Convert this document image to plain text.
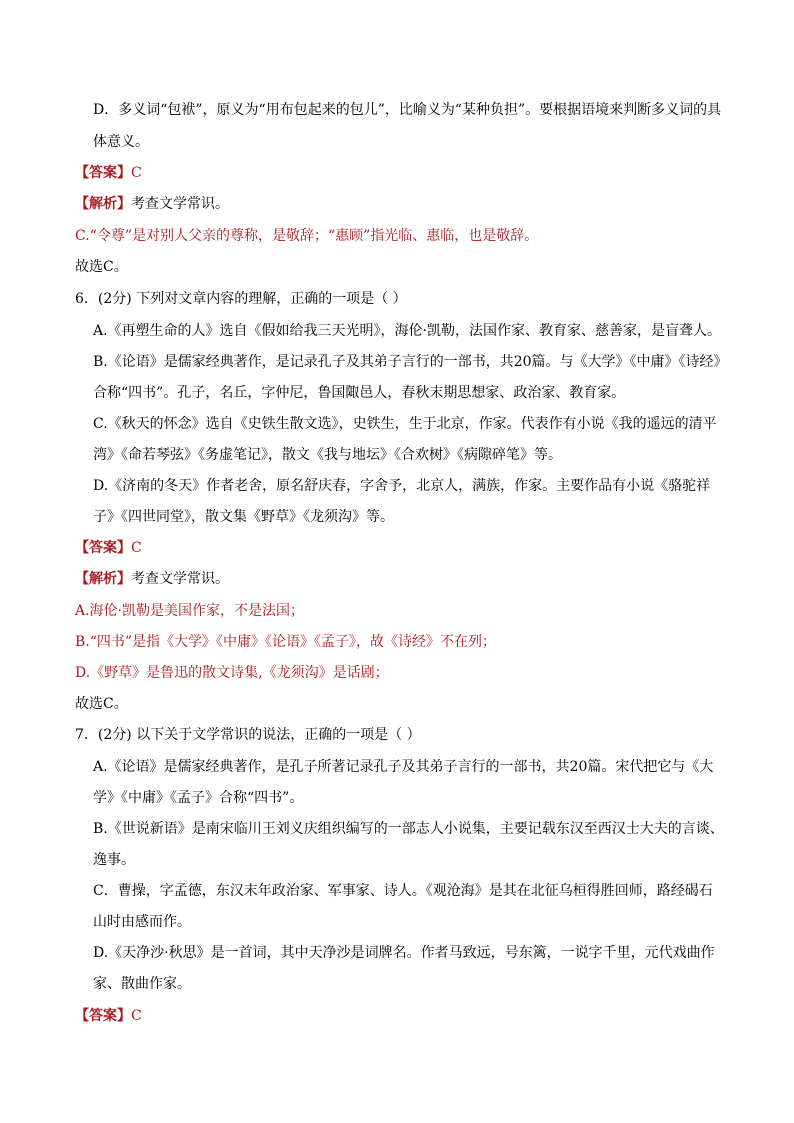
D．多义词“包袱”，原义为“用布包起来的包儿”，比喻义为“某种负担”。要根据语境来判断多义词的具
体意义。
【答案】C
【解析】考查文学常识。
C.“令尊”是对别人父亲的尊称，是敬辞；“惠顾”指光临、惠临，也是敬辞。
故选C。
6．(2分) 下列对文章内容的理解，正确的一项是（ ）
A.《再塑生命的人》选自《假如给我三天光明》，海伦·凯勒，法国作家、教育家、慈善家，是盲聋人。
B.《论语》是儒家经典著作，是记录孔子及其弟子言行的一部书，共20篇。与《大学》《中庸》《诗经》
合称“四书”。孔子，名丘，字仲尼，鲁国陬邑人，春秋末期思想家、政治家、教育家。
C.《秋天的怀念》选自《史铁生散文选》，史铁生，生于北京，作家。代表作有小说《我的遥远的清平
湾》《命若琴弦》《务虚笔记》，散文《我与地坛》《合欢树》《病隙碎笔》等。
D.《济南的冬天》作者老舍，原名舒庆春，字舍予，北京人，满族，作家。主要作品有小说《骆驼祥
子》《四世同堂》，散文集《野草》《龙须沟》等。
【答案】C
【解析】考查文学常识。
A.海伦·凯勒是美国作家，不是法国；
B.“四书”是指《大学》《中庸》《论语》《孟子》，故《诗经》不在列；
D.《野草》是鲁迅的散文诗集,《龙须沟》是话剧；
故选C。
7．(2分) 以下关于文学常识的说法，正确的一项是（ ）
A.《论语》是儒家经典著作，是孔子所著记录孔子及其弟子言行的一部书，共20篇。宋代把它与《大
学》《中庸》《孟子》合称“四书”。
B.《世说新语》是南宋临川王刘义庆组织编写的一部志人小说集，主要记载东汉至西汉士大夫的言谈、
逸事。
C．曹操，字孟德，东汉末年政治家、军事家、诗人。《观沧海》是其在北征乌桓得胜回师，路经碣石
山时由感而作。
D.《天净沙·秋思》是一首词，其中天净沙是词牌名。作者马致远，号东篱，一说字千里，元代戏曲作
家、散曲作家。
【答案】C
